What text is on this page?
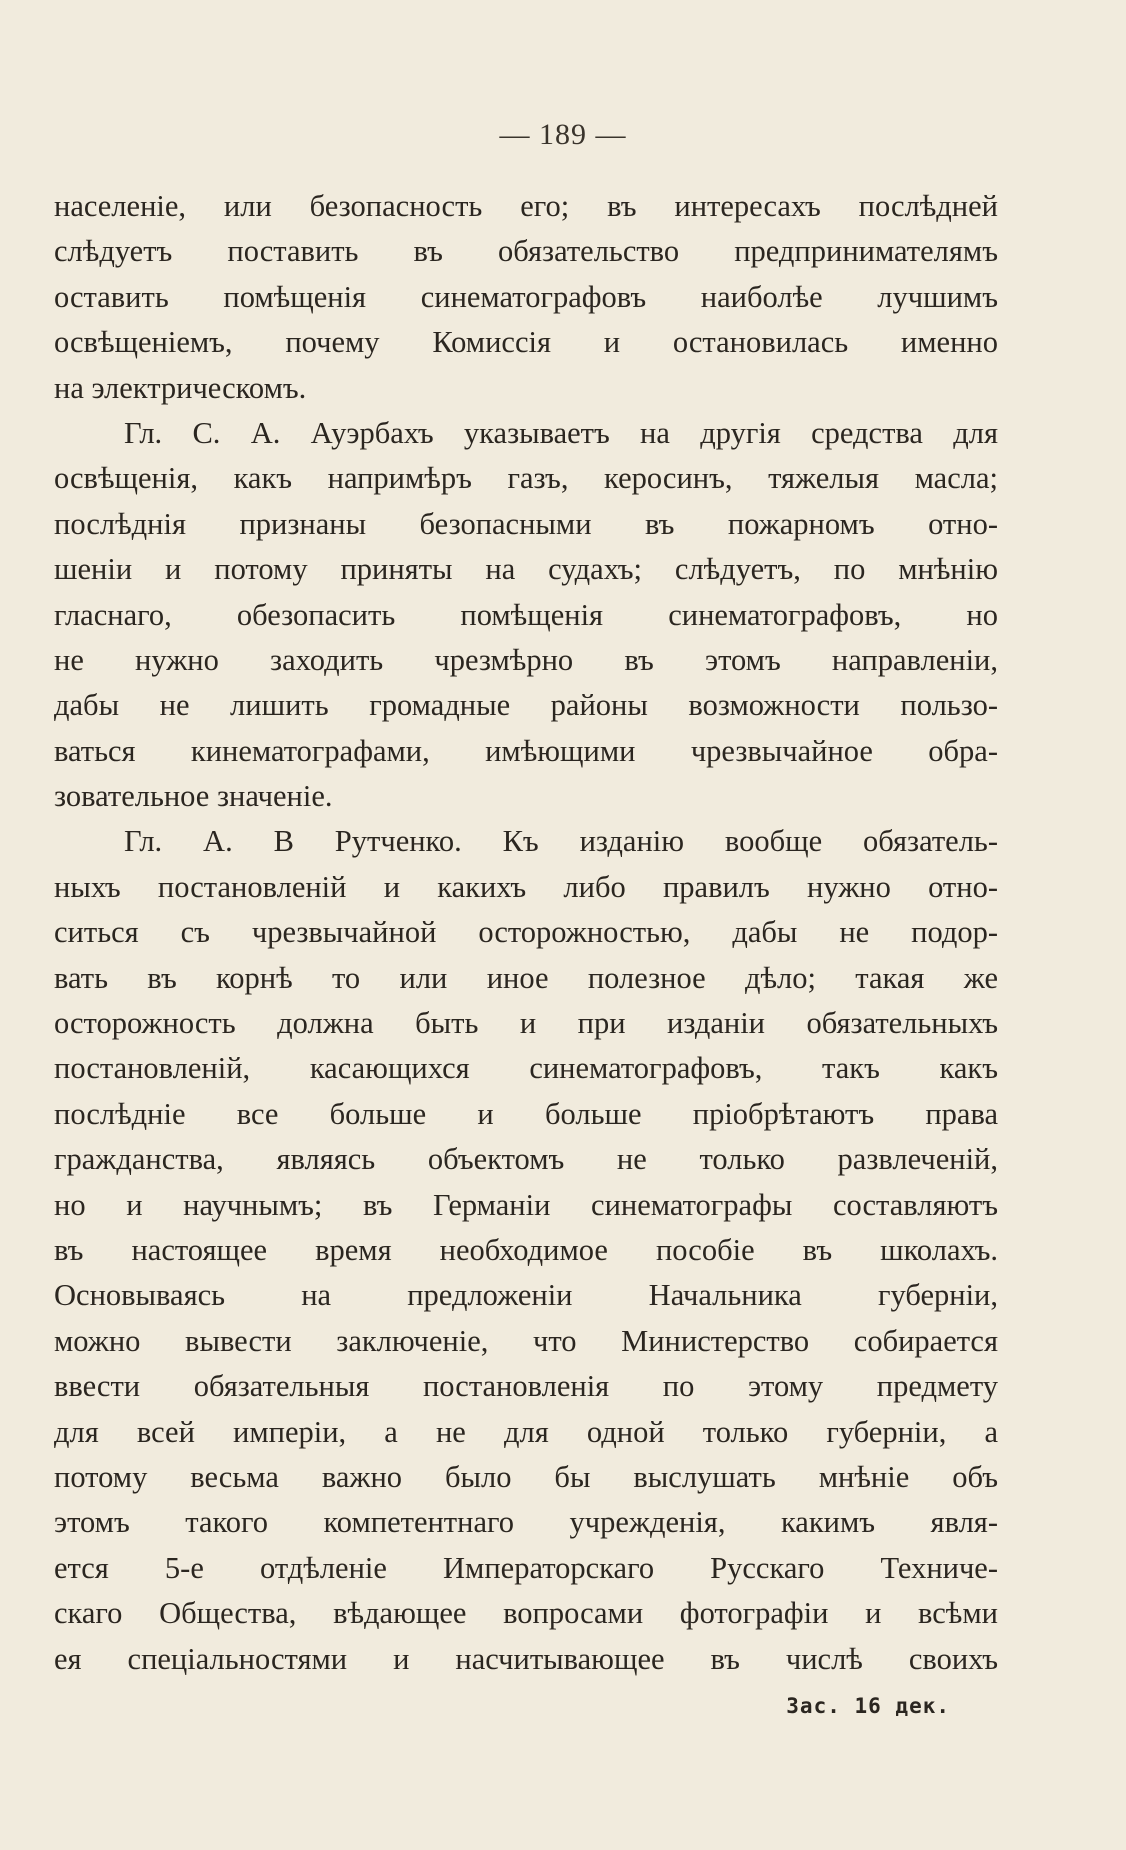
— 189 —
населеніе, или безопасность его; въ интересахъ послѣдней
слѣдуетъ поставить въ обязательство предпринимателямъ
оставить помѣщенія синематографовъ наиболѣе лучшимъ
освѣщеніемъ, почему Комиссія и остановилась именно
на электрическомъ.
Гл. С. А. Ауэрбахъ указываетъ на другія средства для
освѣщенія, какъ напримѣръ газъ, керосинъ, тяжелыя масла;
послѣднія признаны безопасными въ пожарномъ отно-
шеніи и потому приняты на судахъ; слѣдуетъ, по мнѣнію
гласнаго, обезопасить помѣщенія синематографовъ, но
не нужно заходить чрезмѣрно въ этомъ направленіи,
дабы не лишить громадные районы возможности пользо-
ваться кинематографами, имѣющими чрезвычайное обра-
зовательное значеніе.
Гл. А. В Рутченко. Къ изданію вообще обязатель-
ныхъ постановленій и какихъ либо правилъ нужно отно-
ситься съ чрезвычайной осторожностью, дабы не подор-
вать въ корнѣ то или иное полезное дѣло; такая же
осторожность должна быть и при изданіи обязательныхъ
постановленій, касающихся синематографовъ, такъ какъ
послѣдніе все больше и больше пріобрѣтаютъ права
гражданства, являясь объектомъ не только развлеченій,
но и научнымъ; въ Германіи синематографы составляютъ
въ настоящее время необходимое пособіе въ школахъ.
Основываясь на предложеніи Начальника губерніи,
можно вывести заключеніе, что Министерство собирается
ввести обязательныя постановленія по этому предмету
для всей имперіи, а не для одной только губерніи, а
потому весьма важно было бы выслушать мнѣніе объ
этомъ такого компетентнаго учрежденія, какимъ явля-
ется 5-е отдѣленіе Императорскаго Русскаго Техниче-
скаго Общества, вѣдающее вопросами фотографіи и всѣми
ея спеціальностями и насчитывающее въ числѣ своихъ
Зас. 16 дек.
